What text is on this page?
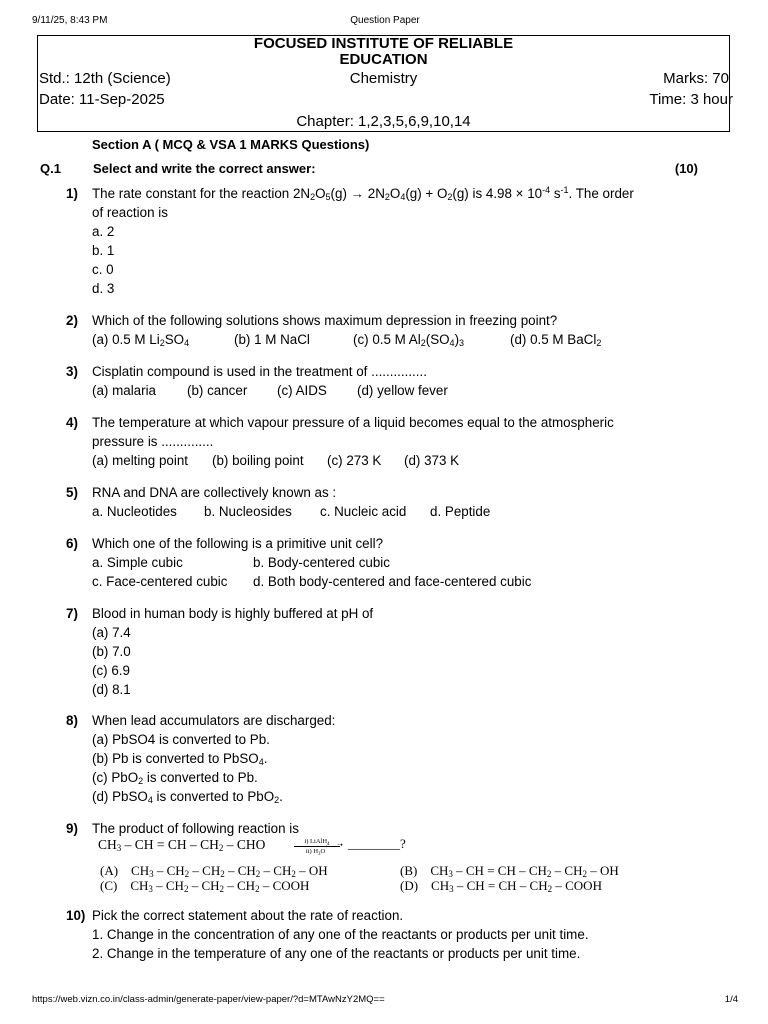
9/11/25, 8:43 PM	Question Paper
FOCUSED INSTITUTE OF RELIABLE
EDUCATION
Std.: 12th (Science)	Chemistry	Marks: 70
Date: 11-Sep-2025	Time: 3 hour
Chapter: 1,2,3,5,6,9,10,14
Section A ( MCQ & VSA 1 MARKS Questions)
Q.1 Select and write the correct answer:	(10)
1) The rate constant for the reaction $2N_2O_5(g) \to 2N_2O_4(g) + O_2(g)$ is $4.98 \times 10^{-4}$ $s^{-1}$. The order
of reaction is
a. 2
b. 1
c. 0
d. 3
2) Which of the following solutions shows maximum depression in freezing point?
(a) 0.5 M $Li_2SO_4$	(b) 1 M NaCl	(c) 0.5 M $Al_2(SO_4)_3$	(d) 0.5 M BaCl$_2$
3) Cisplatin compound is used in the treatment of ...............
(a) malaria (b) cancer (c) AIDS (d) yellow fever
4) The temperature at which vapour pressure of a liquid becomes equal to the atmospheric
pressure is ..............
(a) melting point (b) boiling point (c) 273 K (d) 373 K
5) RNA and DNA are collectively known as :
a. Nucleotides b. Nucleosides c. Nucleic acid d. Peptide
6) Which one of the following is a primitive unit cell?
a. Simple cubic	b. Body-centered cubic
c. Face-centered cubic d. Both body-centered and face-centered cubic
7) Blood in human body is highly buffered at pH of
(a) 7.4
(b) 7.0
(c) 6.9
(d) 8.1
8) When lead accumulators are discharged:
(a) PbSO4 is converted to Pb.
(b) Pb is converted to PbSO$_4$.
(c) PbO$_2$ is converted to Pb.
(d) PbSO$_4$ is converted to PbO$_2$.
9) The product of following reaction is
$CH_3$ – CH = CH – $CH_2$ – CHO	i) LiAlH$_4$	➝
ii) $H_3O^+$	________?
(A)    $CH_3 - CH_2 - CH_2 - CH_2 - CH_2$ – OH	(B)    $CH_3$ – CH = CH – $CH_2 - CH_2$ – OH
(C)    $CH_3 - CH_2 - CH_2 - CH_2$ – COOH	(D)    $CH_3$ – CH = CH – $CH_2$ – COOH
10) Pick the correct statement about the rate of reaction.
1. Change in the concentration of any one of the reactants or products per unit time.
2. Change in the temperature of any one of the reactants or products per unit time.
https://web.vizn.co.in/class-admin/generate-paper/view-paper/?d=MTAwNzY2MQ==	1/4
